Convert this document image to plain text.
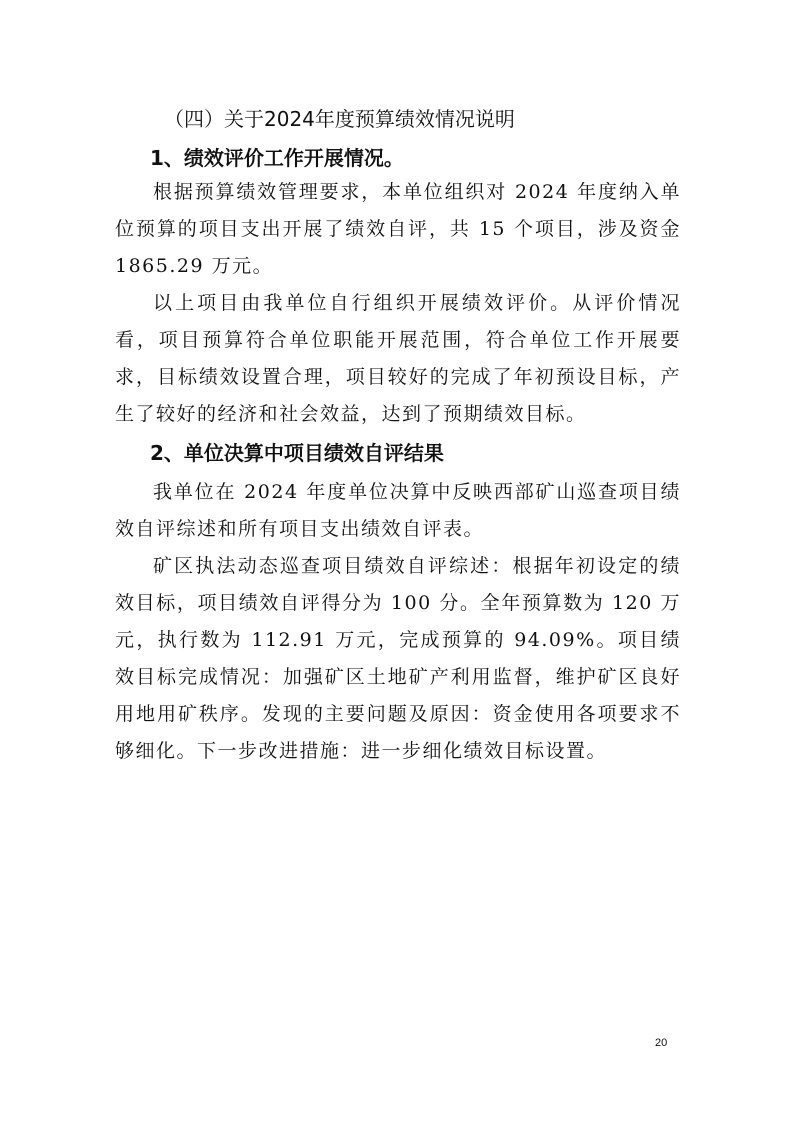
（四）关于2024年度预算绩效情况说明
1、绩效评价工作开展情况。

根据预算绩效管理要求，本单位组织对 2024 年度纳入单位预算的项目支出开展了绩效自评，共 15 个项目，涉及资金 1865.29 万元。

以上项目由我单位自行组织开展绩效评价。从评价情况看，项目预算符合单位职能开展范围，符合单位工作开展要求，目标绩效设置合理，项目较好的完成了年初预设目标，产生了较好的经济和社会效益，达到了预期绩效目标。

2、单位决算中项目绩效自评结果

我单位在 2024 年度单位决算中反映西部矿山巡查项目绩效自评综述和所有项目支出绩效自评表。

矿区执法动态巡查项目绩效自评综述：根据年初设定的绩效目标，项目绩效自评得分为 100 分。全年预算数为 120 万元，执行数为 112.91 万元，完成预算的 94.09%。项目绩效目标完成情况：加强矿区土地矿产利用监督，维护矿区良好用地用矿秩序。发现的主要问题及原因：资金使用各项要求不够细化。下一步改进措施：进一步细化绩效目标设置。

20
